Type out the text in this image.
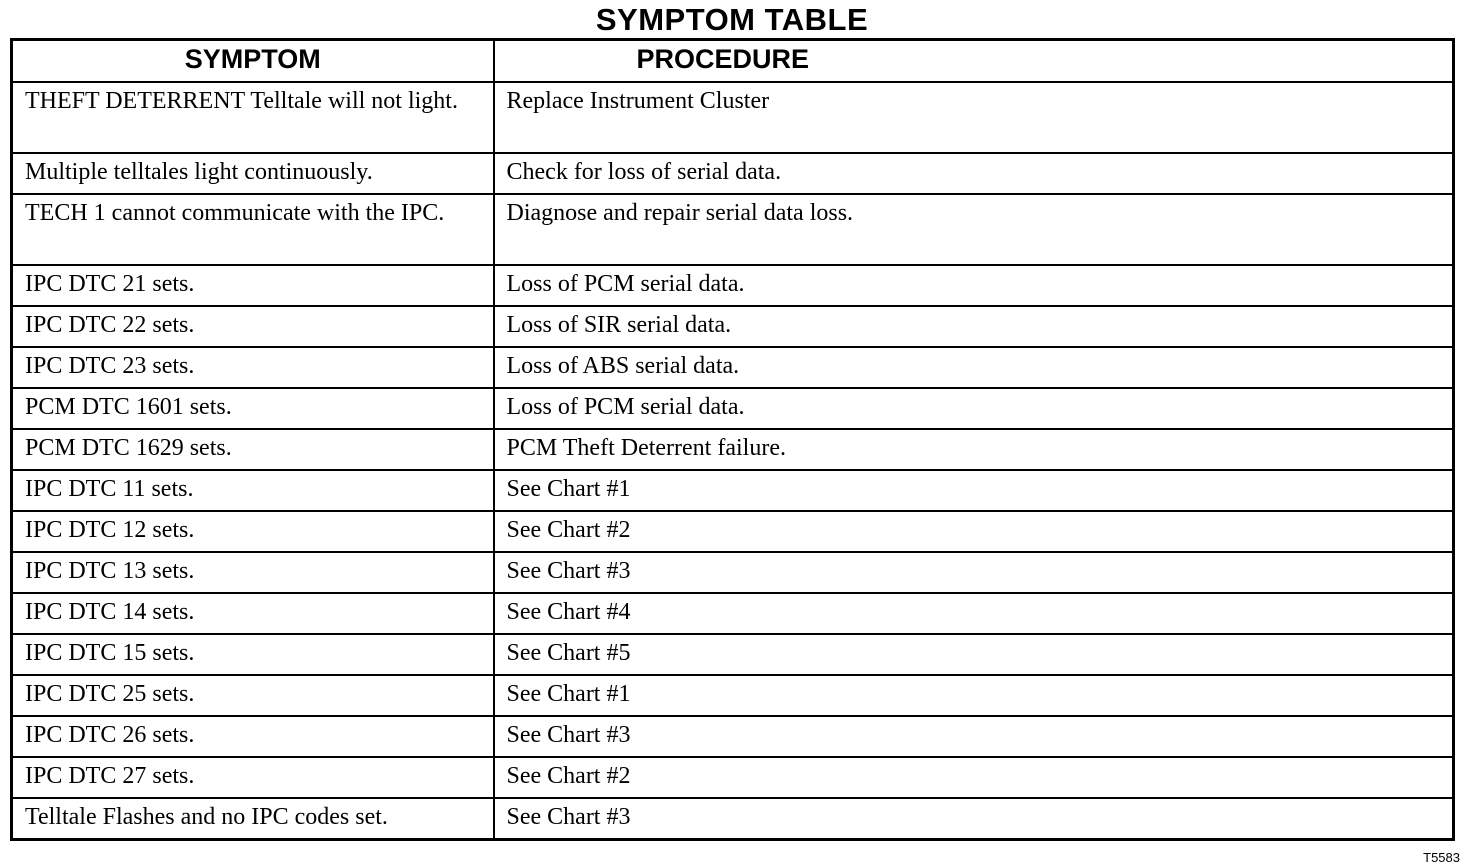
SYMPTOM TABLE
SYMPTOM	PROCEDURE
THEFT DETERRENT Telltale will not light.	Replace Instrument Cluster
Multiple telltales light continuously.	Check for loss of serial data.
TECH 1 cannot communicate with the IPC.	Diagnose and repair serial data loss.
IPC DTC 21 sets.	Loss of PCM serial data.
IPC DTC 22 sets.	Loss of SIR serial data.
IPC DTC 23 sets.	Loss of ABS serial data.
PCM DTC 1601 sets.	Loss of PCM serial data.
PCM DTC 1629 sets.	PCM Theft Deterrent failure.
IPC DTC 11 sets.	See Chart #1
IPC DTC 12 sets.	See Chart #2
IPC DTC 13 sets.	See Chart #3
IPC DTC 14 sets.	See Chart #4
IPC DTC 15 sets.	See Chart #5
IPC DTC 25 sets.	See Chart #1
IPC DTC 26 sets.	See Chart #3
IPC DTC 27 sets.	See Chart #2
Telltale Flashes and no IPC codes set.	See Chart #3
T5583
